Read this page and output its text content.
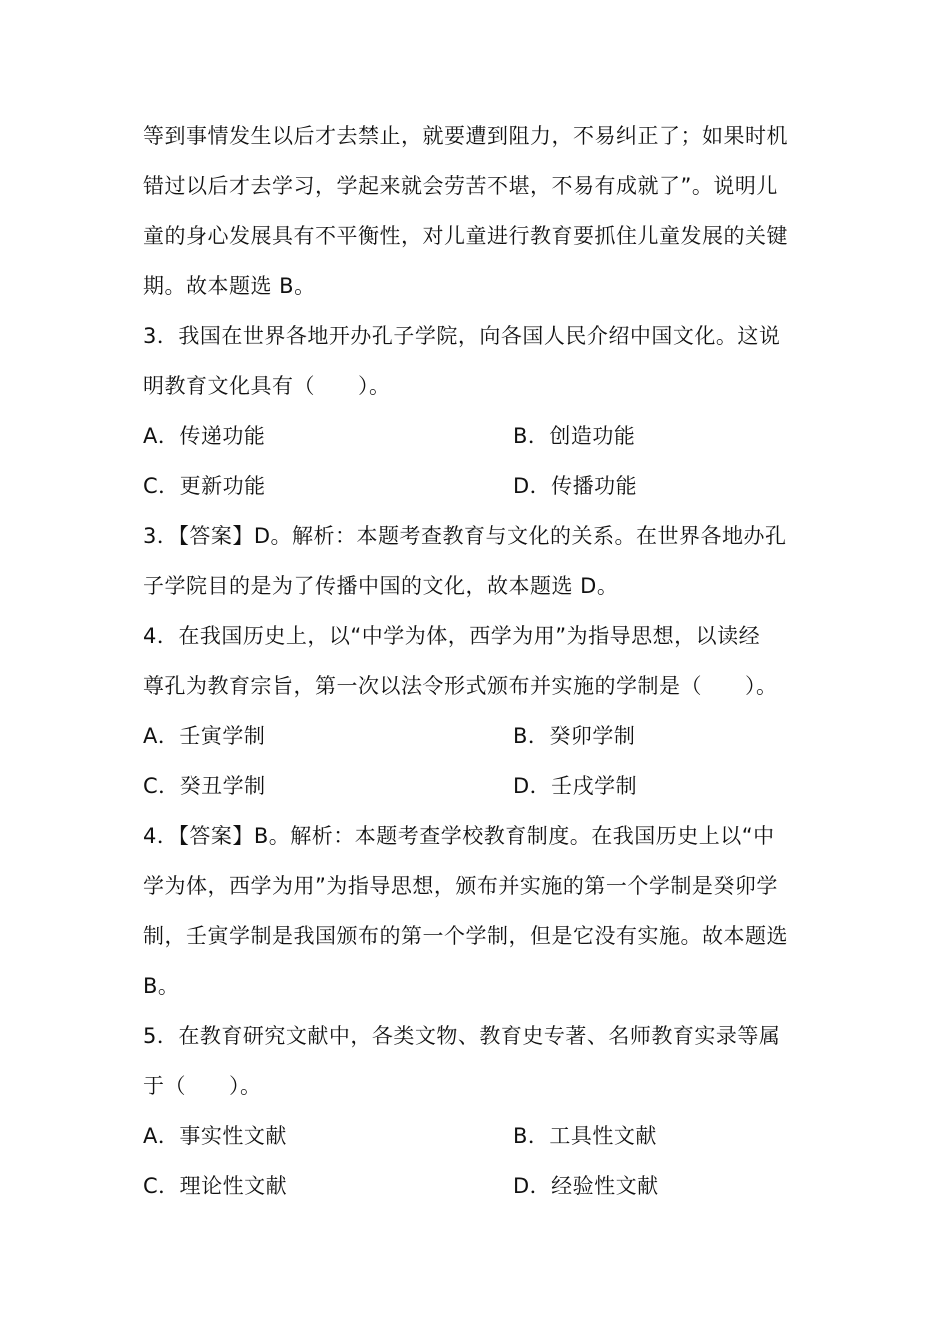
等到事情发生以后才去禁止，就要遭到阻力，不易纠正了；如果时机
错过以后才去学习，学起来就会劳苦不堪，不易有成就了”。说明儿
童的身心发展具有不平衡性，对儿童进行教育要抓住儿童发展的关键
期。故本题选 B。
3．我国在世界各地开办孔子学院，向各国人民介绍中国文化。这说
明教育文化具有（　　）。
A．传递功能	B．创造功能
C．更新功能	D．传播功能
3．【答案】D。解析：本题考查教育与文化的关系。在世界各地办孔
子学院目的是为了传播中国的文化，故本题选 D。
4．在我国历史上，以“中学为体，西学为用”为指导思想，以读经
尊孔为教育宗旨，第一次以法令形式颁布并实施的学制是（　　）。
A．壬寅学制	B．癸卯学制
C．癸丑学制	D．壬戌学制
4．【答案】B。解析：本题考查学校教育制度。在我国历史上以“中
学为体，西学为用”为指导思想，颁布并实施的第一个学制是癸卯学
制，壬寅学制是我国颁布的第一个学制，但是它没有实施。故本题选
B。
5．在教育研究文献中，各类文物、教育史专著、名师教育实录等属
于（　　）。
A．事实性文献	B．工具性文献
C．理论性文献	D．经验性文献
